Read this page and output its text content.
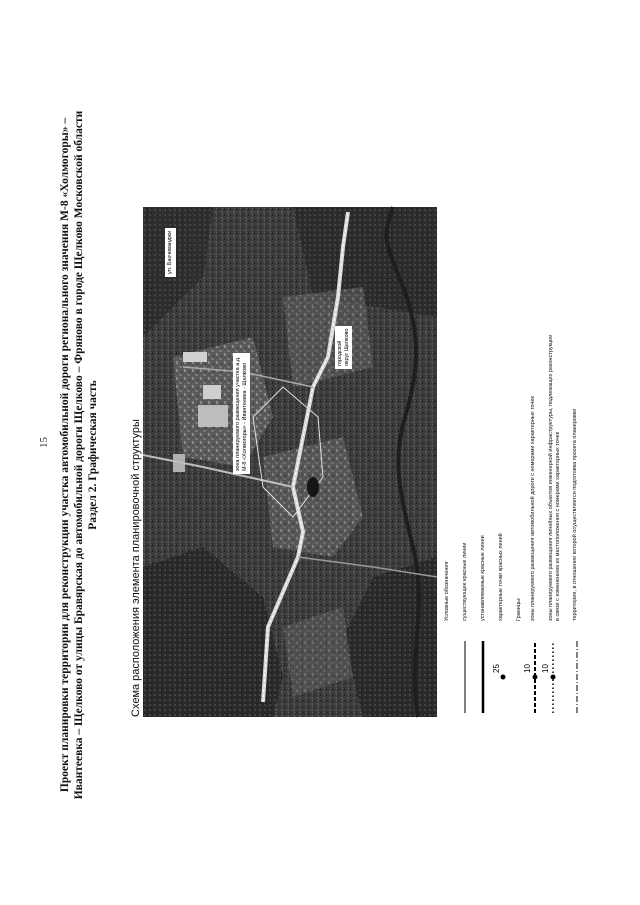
15 Проект планировки территории для реконструкции участка автомобильной дороги регионального значения М-8 «Холмогоры» – Ивантеевка – Щелково от улицы Бравярская до автомобильной дороги Щелково – Фряново в городе Щелково Московской области Раздел 2. Графическая часть	Схема расположения элемента планировочной структуры
зона планируемого размещения участка а.д. М-8 «Холмогоры» - Ивантеевка - Щелково
городской округ Щелково
ул. Бахчиванджи
Условные обозначения существующие красные линии устанавливаемые красные линии
25
характерные точки красных линий Границы:
10
зоны планируемого размещения автомобильной дороги с номерами характерных точек
10
зоны планируемого размещения линейных объектов инженерной инфраструктуры, подлежащих реконструкции в связи с изменением их местоположения с номерами характерных точек территории, в отношении которой осуществляется подготовка проекта планировки
